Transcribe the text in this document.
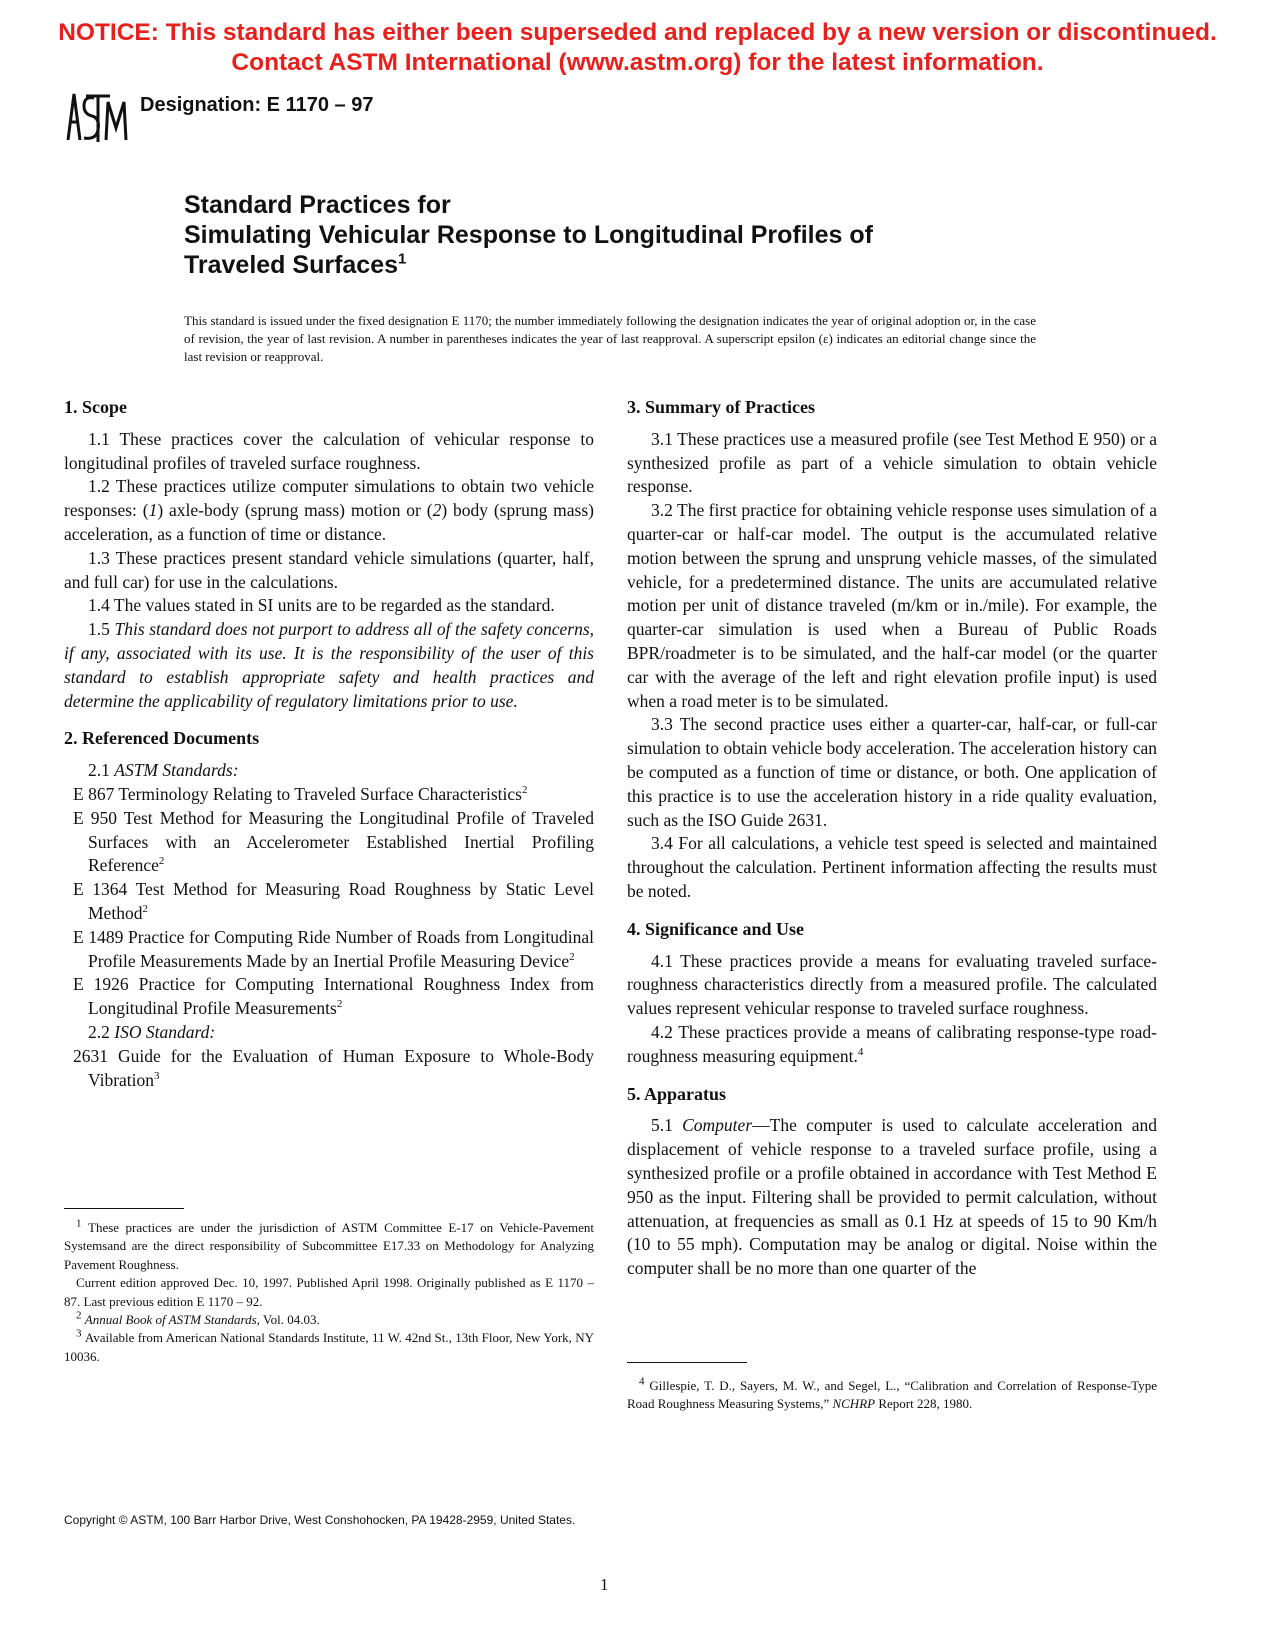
NOTICE: This standard has either been superseded and replaced by a new version or discontinued.
Contact ASTM International (www.astm.org) for the latest information.
Designation: E 1170 – 97
Standard Practices for
Simulating Vehicular Response to Longitudinal Profiles of
Traveled Surfaces$^1$
This standard is issued under the fixed designation E 1170; the number immediately following the designation indicates the year of original adoption or, in the case of revision, the year of last revision. A number in parentheses indicates the year of last reapproval. A superscript epsilon (ε) indicates an editorial change since the last revision or reapproval.
1. Scope

1.1 These practices cover the calculation of vehicular response to longitudinal profiles of traveled surface roughness.

1.2 These practices utilize computer simulations to obtain two vehicle responses: (1) axle-body (sprung mass) motion or (2) body (sprung mass) acceleration, as a function of time or distance.

1.3 These practices present standard vehicle simulations (quarter, half, and full car) for use in the calculations.

1.4 The values stated in SI units are to be regarded as the standard.

1.5 This standard does not purport to address all of the safety concerns, if any, associated with its use. It is the responsibility of the user of this standard to establish appropriate safety and health practices and determine the applicability of regulatory limitations prior to use.

2. Referenced Documents

2.1 ASTM Standards:

E 867 Terminology Relating to Traveled Surface Characteristics$^2$

E 950 Test Method for Measuring the Longitudinal Profile of Traveled Surfaces with an Accelerometer Established Inertial Profiling Reference$^2$

E 1364 Test Method for Measuring Road Roughness by Static Level Method$^2$

E 1489 Practice for Computing Ride Number of Roads from Longitudinal Profile Measurements Made by an Inertial Profile Measuring Device$^2$

E 1926 Practice for Computing International Roughness Index from Longitudinal Profile Measurements$^2$

2.2 ISO Standard:

2631 Guide for the Evaluation of Human Exposure to Whole-Body Vibration$^3$

$^1$ These practices are under the jurisdiction of ASTM Committee E-17 on Vehicle-Pavement Systemsand are the direct responsibility of Subcommittee E17.33 on Methodology for Analyzing Pavement Roughness.

Current edition approved Dec. 10, 1997. Published April 1998. Originally published as E 1170 – 87. Last previous edition E 1170 – 92.

$^2$ Annual Book of ASTM Standards, Vol. 04.03.

$^3$ Available from American National Standards Institute, 11 W. 42nd St., 13th Floor, New York, NY 10036.

3. Summary of Practices

3.1 These practices use a measured profile (see Test Method E 950) or a synthesized profile as part of a vehicle simulation to obtain vehicle response.

3.2 The first practice for obtaining vehicle response uses simulation of a quarter-car or half-car model. The output is the accumulated relative motion between the sprung and unsprung vehicle masses, of the simulated vehicle, for a predetermined distance. The units are accumulated relative motion per unit of distance traveled (m/km or in./mile). For example, the quarter-car simulation is used when a Bureau of Public Roads BPR/roadmeter is to be simulated, and the half-car model (or the quarter car with the average of the left and right elevation profile input) is used when a road meter is to be simulated.

3.3 The second practice uses either a quarter-car, half-car, or full-car simulation to obtain vehicle body acceleration. The acceleration history can be computed as a function of time or distance, or both. One application of this practice is to use the acceleration history in a ride quality evaluation, such as the ISO Guide 2631.

3.4 For all calculations, a vehicle test speed is selected and maintained throughout the calculation. Pertinent information affecting the results must be noted.

4. Significance and Use

4.1 These practices provide a means for evaluating traveled surface-roughness characteristics directly from a measured profile. The calculated values represent vehicular response to traveled surface roughness.

4.2 These practices provide a means of calibrating response-type road-roughness measuring equipment.$^4$

5. Apparatus

5.1 Computer—The computer is used to calculate acceleration and displacement of vehicle response to a traveled surface profile, using a synthesized profile or a profile obtained in accordance with Test Method E 950 as the input. Filtering shall be provided to permit calculation, without attenuation, at frequencies as small as 0.1 Hz at speeds of 15 to 90 Km/h (10 to 55 mph). Computation may be analog or digital. Noise within the computer shall be no more than one quarter of the

$^4$ Gillespie, T. D., Sayers, M. W., and Segel, L., “Calibration and Correlation of Response-Type Road Roughness Measuring Systems,” NCHRP Report 228, 1980.

Copyright © ASTM, 100 Barr Harbor Drive, West Conshohocken, PA 19428-2959, United States.
1
